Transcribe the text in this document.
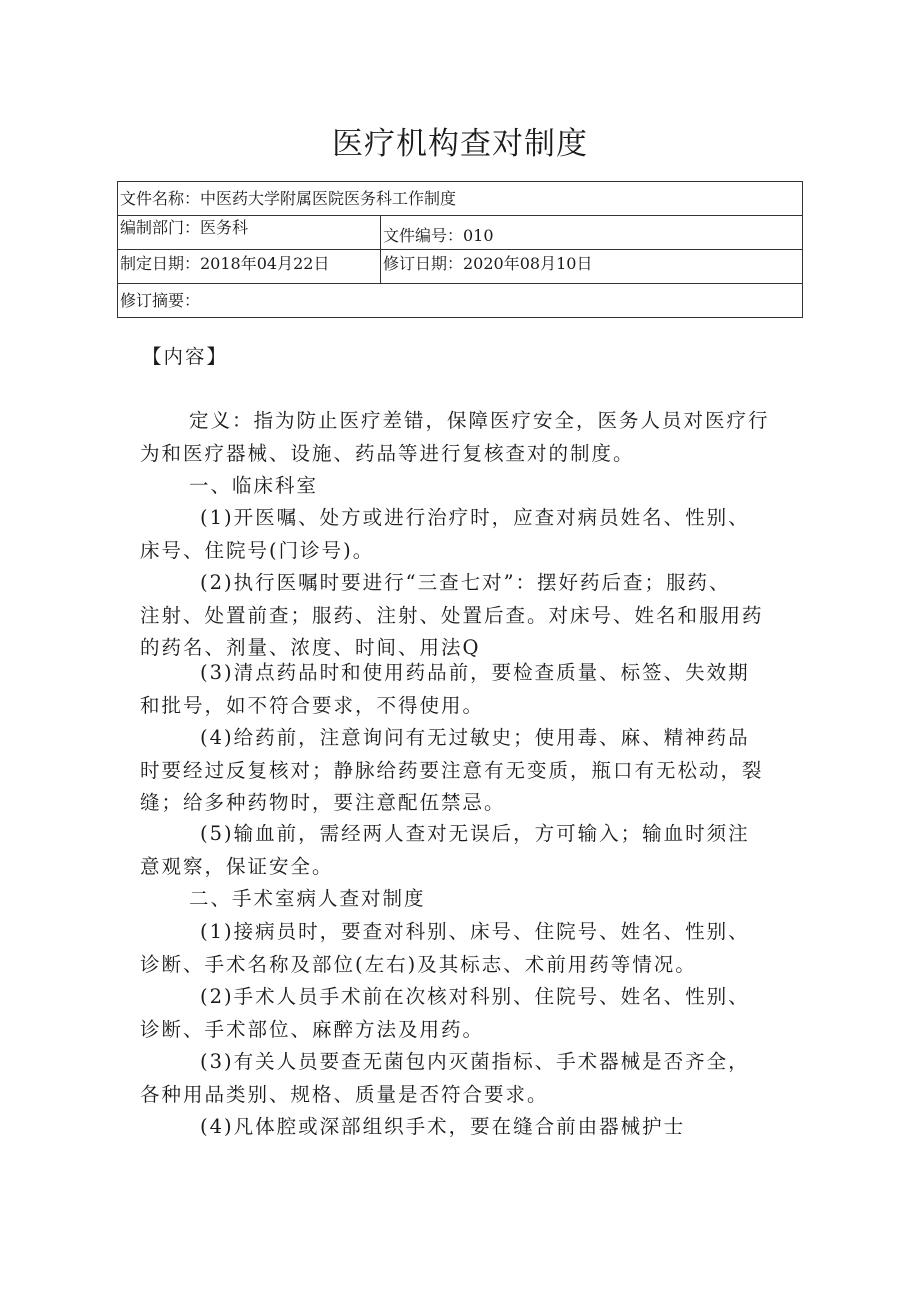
医疗机构查对制度
文件名称：中医药大学附属医院医务科工作制度
编制部门：医务科	文件编号：010
制定日期：2018年04月22日	修订日期：2020年08月10日
修订摘要：
【内容】
定义：指为防止医疗差错，保障医疗安全，医务人员对医疗行
为和医疗器械、设施、药品等进行复核查对的制度。
一、临床科室
(1)开医嘱、处方或进行治疗时，应查对病员姓名、性别、
床号、住院号(门诊号)。
(2)执行医嘱时要进行“三查七对”：摆好药后查；服药、
注射、处置前查；服药、注射、处置后查。对床号、姓名和服用药
的药名、剂量、浓度、时间、用法Q
(3)清点药品时和使用药品前，要检查质量、标签、失效期
和批号，如不符合要求，不得使用。
(4)给药前，注意询问有无过敏史；使用毒、麻、精神药品
时要经过反复核对；静脉给药要注意有无变质，瓶口有无松动，裂
缝；给多种药物时，要注意配伍禁忌。
(5)输血前，需经两人查对无误后，方可输入；输血时须注
意观察，保证安全。
二、手术室病人查对制度
(1)接病员时，要查对科别、床号、住院号、姓名、性别、
诊断、手术名称及部位(左右)及其标志、术前用药等情况。
(2)手术人员手术前在次核对科别、住院号、姓名、性别、
诊断、手术部位、麻醉方法及用药。
(3)有关人员要查无菌包内灭菌指标、手术器械是否齐全，
各种用品类别、规格、质量是否符合要求。
(4)凡体腔或深部组织手术，要在缝合前由器械护士
